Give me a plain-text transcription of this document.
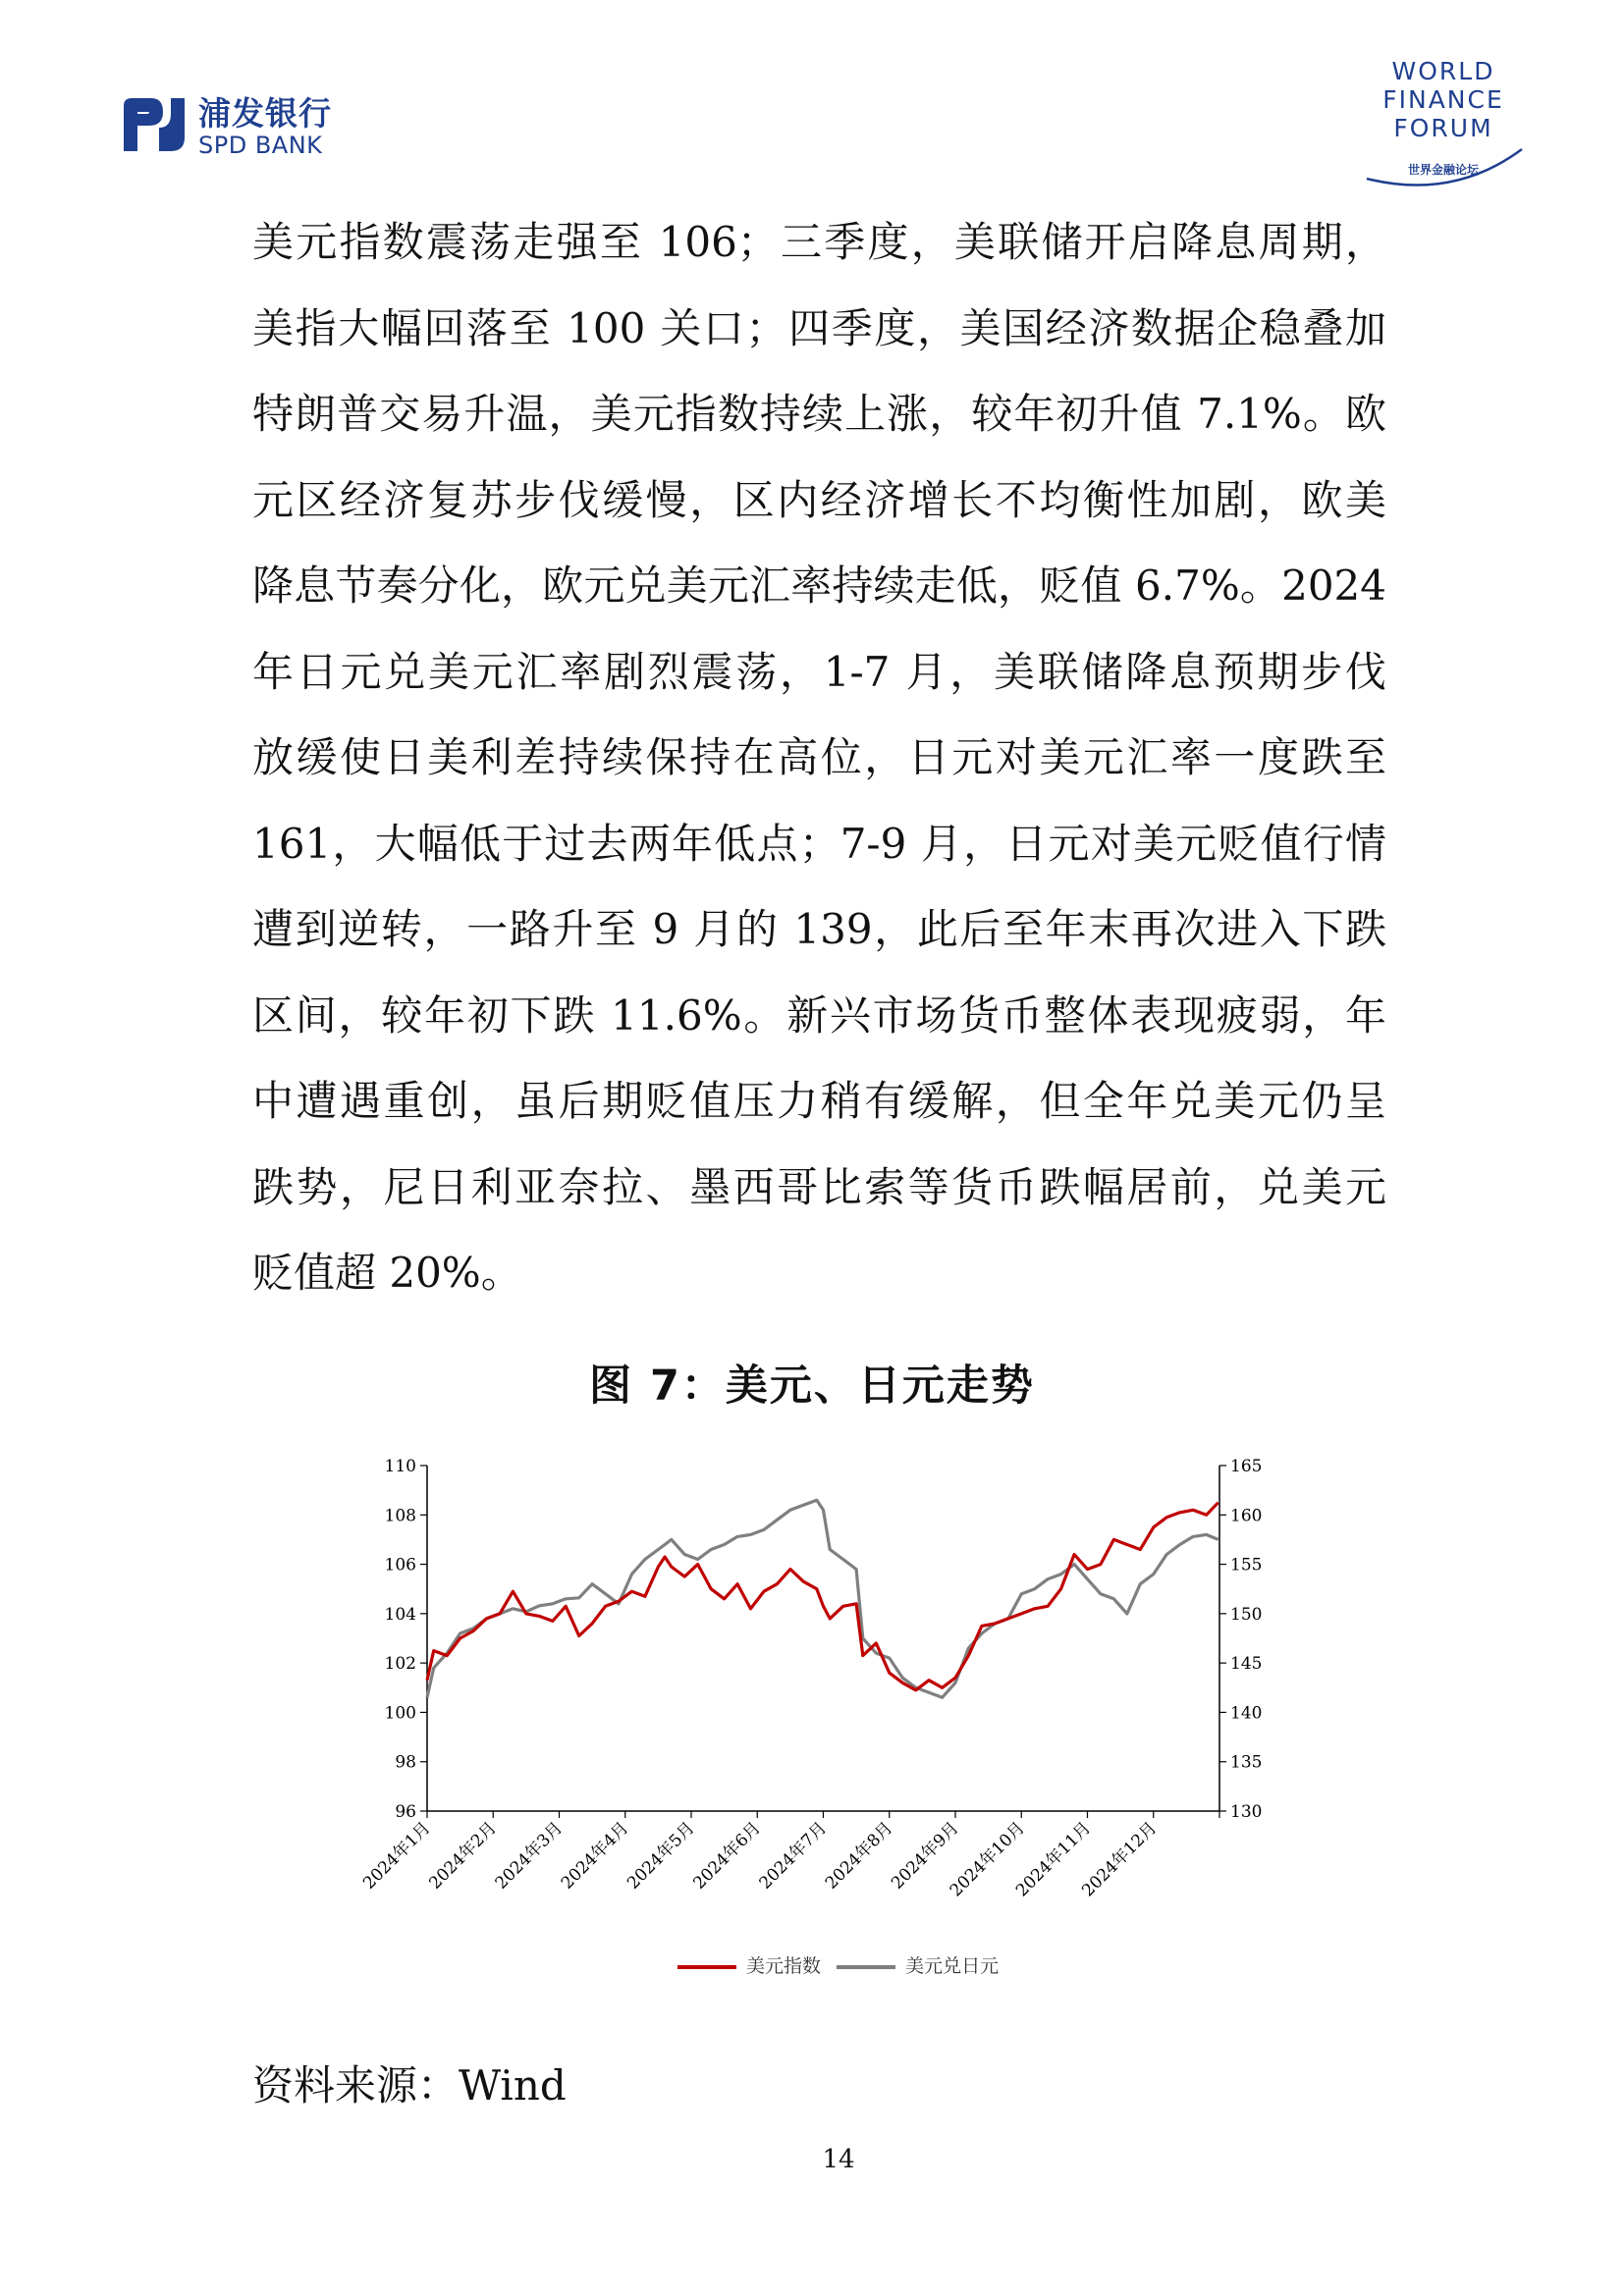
浦发银行
SPD BANK
WORLD
FINANCE
FORUM
世界金融论坛
美元指数震荡走强至 106；三季度，美联储开启降息周期，
美指大幅回落至 100 关口；四季度，美国经济数据企稳叠加
特朗普交易升温，美元指数持续上涨，较年初升值 7.1%。欧
元区经济复苏步伐缓慢，区内经济增长不均衡性加剧，欧美
降息节奏分化，欧元兑美元汇率持续走低，贬值 6.7%。2024
年日元兑美元汇率剧烈震荡，1-7 月，美联储降息预期步伐
放缓使日美利差持续保持在高位，日元对美元汇率一度跌至
161，大幅低于过去两年低点；7-9 月，日元对美元贬值行情
遭到逆转，一路升至 9 月的 139，此后至年末再次进入下跌
区间，较年初下跌 11.6%。新兴市场货币整体表现疲弱，年
中遭遇重创，虽后期贬值压力稍有缓解，但全年兑美元仍呈
跌势，尼日利亚奈拉、墨西哥比索等货币跌幅居前，兑美元
贬值超 20%。
图 7：美元、日元走势
96
98
100
102
104
106
108
110
130
135
140
145
150
155
160
165
2024年1月
2024年2月
2024年3月
2024年4月
2024年5月
2024年6月
2024年7月
2024年8月
2024年9月
2024年10月
2024年11月
2024年12月
美元指数	美元兑日元
资料来源：Wind
14
